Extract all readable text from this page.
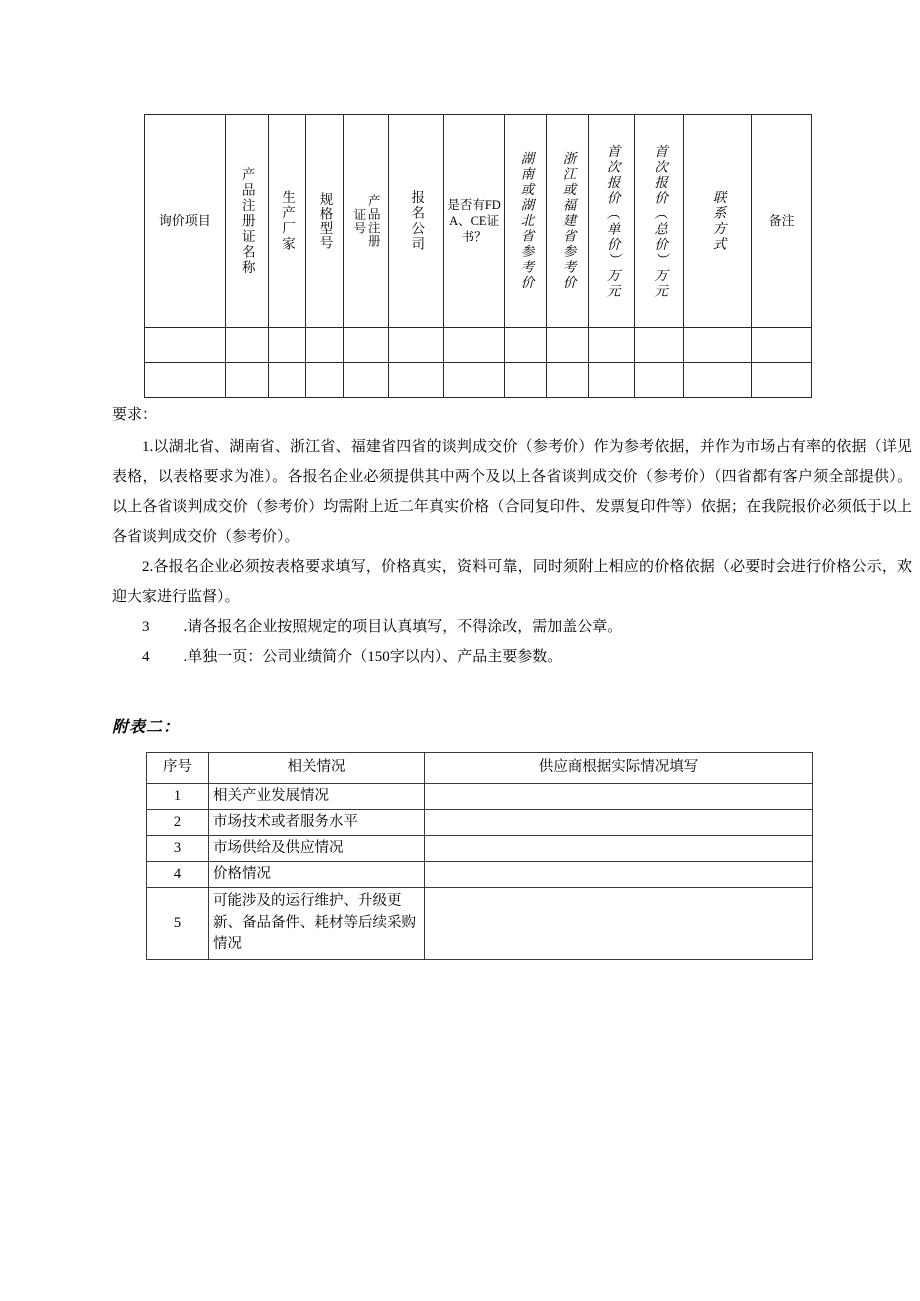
询价项目	产品注册证名称	生产厂家	规格型号	产品注册证号	报名公司	是否有FDA、CE证书？	湖南或湖北省参考价	浙江或福建省参考价	首次报价（单价）万元	首次报价（总价）万元	联系方式	备注

要求：

1.以湖北省、湖南省、浙江省、福建省四省的谈判成交价（参考价）作为参考依据，并作为市场占有率的依据（详见表格，以表格要求为准）。各报名企业必须提供其中两个及以上各省谈判成交价（参考价）（四省都有客户须全部提供）。以上各省谈判成交价（参考价）均需附上近二年真实价格（合同复印件、发票复印件等）依据；在我院报价必须低于以上各省谈判成交价（参考价）。

2.各报名企业必须按表格要求填写，价格真实，资料可靠，同时须附上相应的价格依据（必要时会进行价格公示，欢迎大家进行监督）。

3 .请各报名企业按照规定的项目认真填写，不得涂改，需加盖公章。

4 .单独一页：公司业绩简介（150字以内）、产品主要参数。

附表二：
序号	相关情况	供应商根据实际情况填写
1	相关产业发展情况	
2	市场技术或者服务水平	
3	市场供给及供应情况	
4	价格情况	
5	可能涉及的运行维护、升级更新、备品备件、耗材等后续采购情况	
